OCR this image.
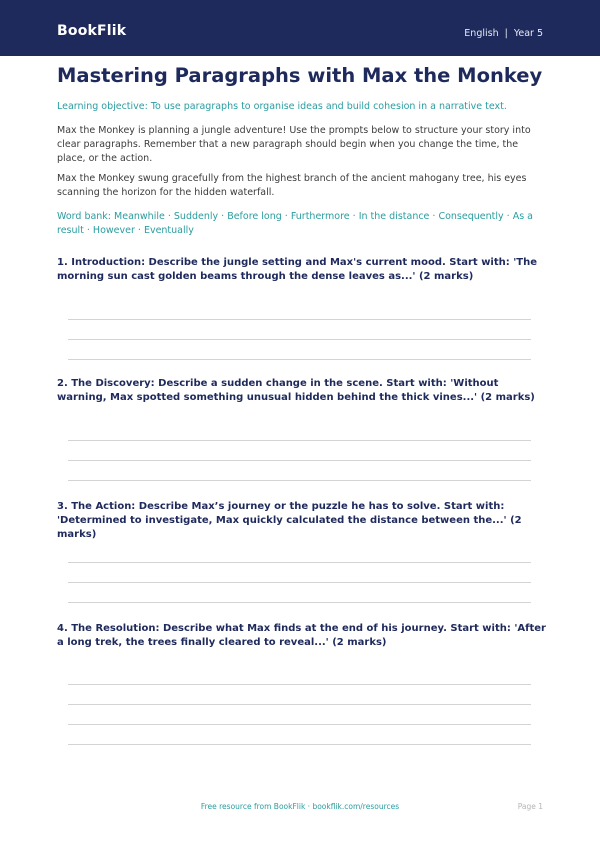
BookFlik	English | Year 5
Mastering Paragraphs with Max the Monkey
Learning objective: To use paragraphs to organise ideas and build cohesion in a narrative text.
Max the Monkey is planning a jungle adventure! Use the prompts below to structure your story into clear paragraphs. Remember that a new paragraph should begin when you change the time, the place, or the action.
Max the Monkey swung gracefully from the highest branch of the ancient mahogany tree, his eyes scanning the horizon for the hidden waterfall.
Word bank: Meanwhile · Suddenly · Before long · Furthermore · In the distance · Consequently · As a result · However · Eventually
1. Introduction: Describe the jungle setting and Max's current mood. Start with: 'The morning sun cast golden beams through the dense leaves as...' (2 marks)
2. The Discovery: Describe a sudden change in the scene. Start with: 'Without warning, Max spotted something unusual hidden behind the thick vines...' (2 marks)
3. The Action: Describe Max’s journey or the puzzle he has to solve. Start with: 'Determined to investigate, Max quickly calculated the distance between the...' (2 marks)
4. The Resolution: Describe what Max finds at the end of his journey. Start with: 'After a long trek, the trees finally cleared to reveal...' (2 marks)
Free resource from BookFlik · bookflik.com/resources	Page 1
